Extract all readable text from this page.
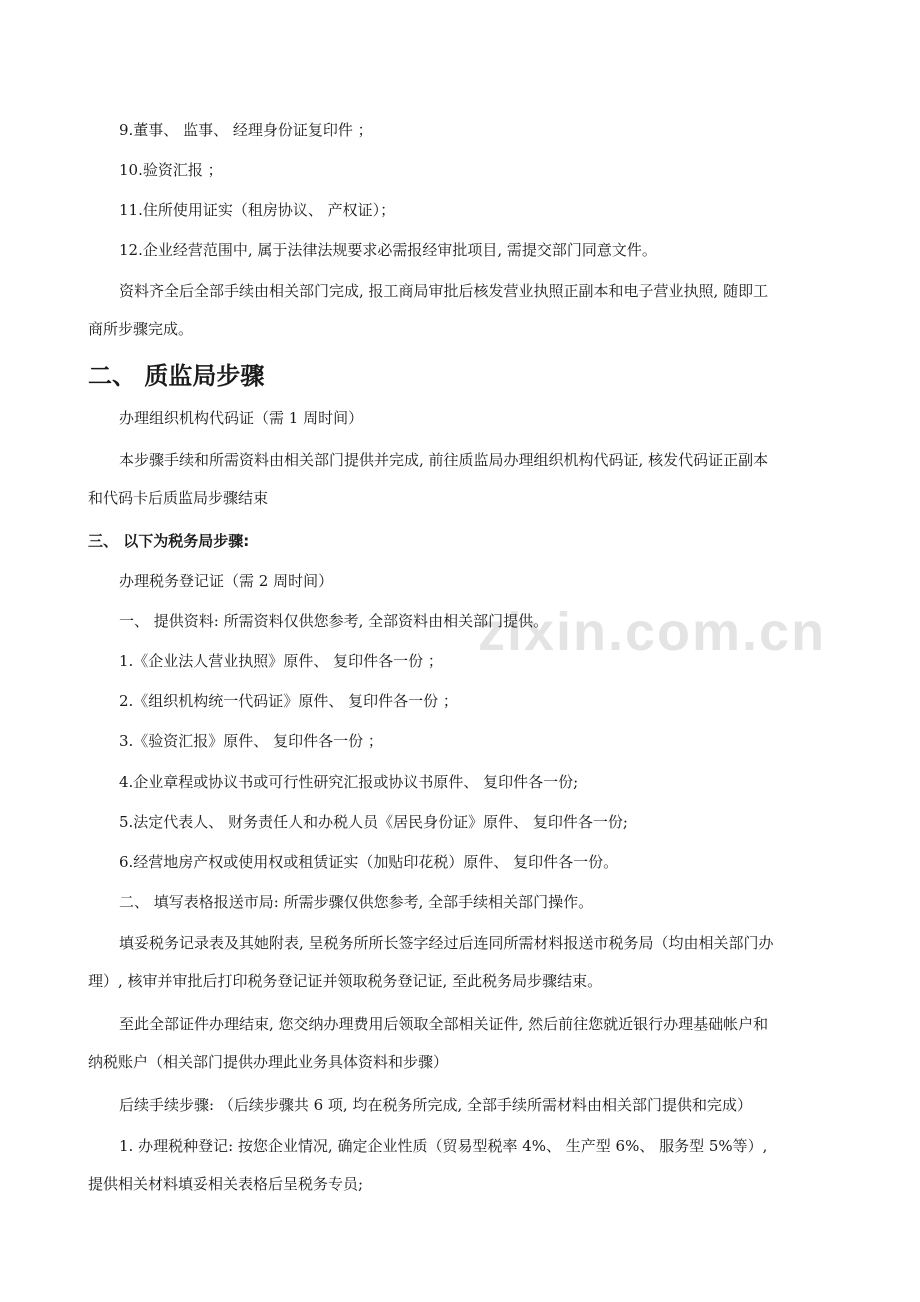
zixin.com.cn
9.董事、 监事、 经理身份证复印件 ；
10.验资汇报 ；
11.住所使用证实（租房协议、 产权证）；
12.企业经营范围中, 属于法律法规要求必需报经审批项目, 需提交部门同意文件。
资料齐全后全部手续由相关部门完成, 报工商局审批后核发营业执照正副本和电子营业执照, 随即工
商所步骤完成。
二、 质监局步骤
办理组织机构代码证（需 1 周时间）
本步骤手续和所需资料由相关部门提供并完成, 前往质监局办理组织机构代码证, 核发代码证正副本
和代码卡后质监局步骤结束
三、 以下为税务局步骤:
办理税务登记证（需 2 周时间）
一、 提供资料: 所需资料仅供您参考, 全部资料由相关部门提供。
1.《企业法人营业执照》原件、 复印件各一份 ；
2.《组织机构统一代码证》原件、 复印件各一份 ；
3.《验资汇报》原件、 复印件各一份 ；
4.企业章程或协议书或可行性研究汇报或协议书原件、 复印件各一份;
5.法定代表人、 财务责任人和办税人员《居民身份证》原件、 复印件各一份;
6.经营地房产权或使用权或租赁证实（加贴印花税）原件、 复印件各一份。
二、 填写表格报送市局: 所需步骤仅供您参考, 全部手续相关部门操作。
填妥税务记录表及其她附表, 呈税务所所长签字经过后连同所需材料报送市税务局（均由相关部门办
理）, 核审并审批后打印税务登记证并领取税务登记证, 至此税务局步骤结束。
至此全部证件办理结束, 您交纳办理费用后领取全部相关证件, 然后前往您就近银行办理基础帐户和
纳税账户（相关部门提供办理此业务具体资料和步骤）
后续手续步骤: （后续步骤共 6 项, 均在税务所完成, 全部手续所需材料由相关部门提供和完成）
1. 办理税种登记: 按您企业情况, 确定企业性质（贸易型税率 4%、 生产型 6%、 服务型 5%等）,
提供相关材料填妥相关表格后呈税务专员;
